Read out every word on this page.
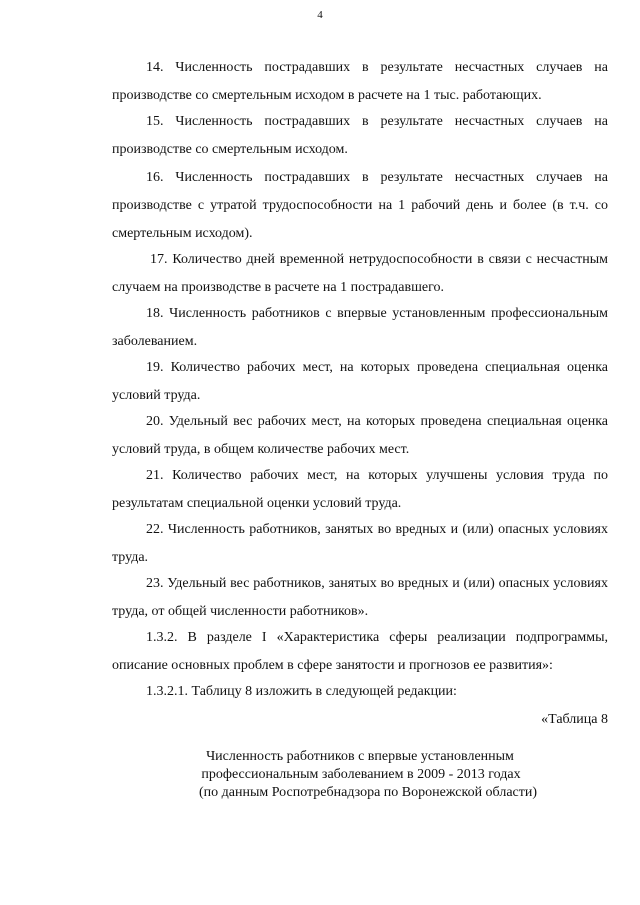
4

14. Численность пострадавших в результате несчастных случаев на производстве со смертельным исходом в расчете на 1 тыс. работающих.

15. Численность пострадавших в результате несчастных случаев на производстве со смертельным исходом.

16. Численность пострадавших в результате несчастных случаев на производстве с утратой трудоспособности на 1 рабочий день и более (в т.ч. со смертельным исходом).

17. Количество дней временной нетрудоспособности в связи с несчастным случаем на производстве в расчете на 1 пострадавшего.

18. Численность работников с впервые установленным профессиональным заболеванием.

19. Количество рабочих мест, на которых проведена специальная оценка условий труда.

20. Удельный вес рабочих мест, на которых проведена специальная оценка условий труда, в общем количестве рабочих мест.

21. Количество рабочих мест, на которых улучшены условия труда по результатам специальной оценки условий труда.

22. Численность работников, занятых во вредных и (или) опасных условиях труда.

23. Удельный вес работников, занятых во вредных и (или) опасных условиях труда, от общей численности работников».

1.3.2. В разделе I «Характеристика сферы реализации подпрограммы, описание основных проблем в сфере занятости и прогнозов ее развития»:

1.3.2.1. Таблицу 8 изложить в следующей редакции:

«Таблица 8

Численность работников с впервые установленным
профессиональным заболеванием в 2009 - 2013 годах
(по данным Роспотребнадзора по Воронежской области)
